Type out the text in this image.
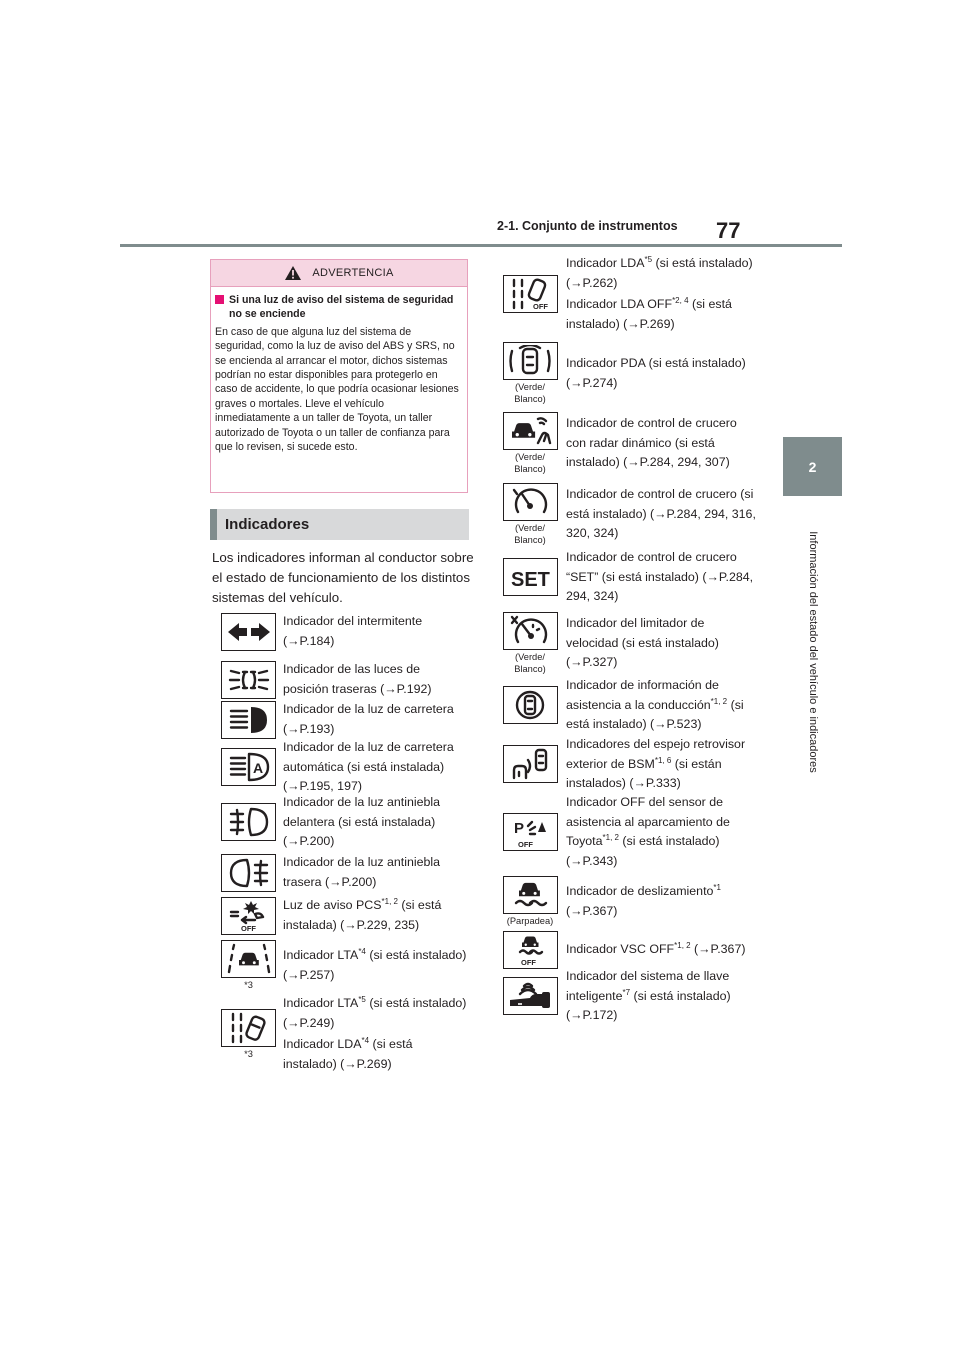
2-1. Conjunto de instrumentos 77
2
Información del estado del vehículo e indicadores
ADVERTENCIA
Si una luz de aviso del sistema de seguridad no se enciende

En caso de que alguna luz del sistema de seguridad, como la luz de aviso del ABS y SRS, no se encienda al arrancar el motor, dichos sistemas podrían no estar disponibles para protegerlo en caso de accidente, lo que podría ocasionar lesiones graves o mortales. Lleve el vehículo inmediatamente a un taller de Toyota, un taller autorizado de Toyota o un taller de confianza para que lo revisen, si sucede esto.

Indicadores
Los indicadores informan al conductor sobre el estado de funcionamiento de los distintos sistemas del vehículo.

Indicador del intermitente (→P.184)

Indicador de las luces de posición traseras (→P.192)

Indicador de la luz de carretera (→P.193)

A

Indicador de la luz de carretera automática (si está instalada) (→P.195, 197)

Indicador de la luz antiniebla delantera (si está instalada) (→P.200)

Indicador de la luz antiniebla trasera (→P.200)

OFF

Luz de aviso PCS$^{*1, 2}$ (si está instalada) (→P.229, 235)

*3

Indicador LTA$^{*4}$ (si está instalado) (→P.257)

*3

Indicador LTA$^{*5}$ (si está instalado) (→P.249)

Indicador LDA$^{*4}$ (si está instalado) (→P.269)

OFF

Indicador LDA$^{*5}$ (si está instalado) (→P.262)

Indicador LDA OFF$^{*2, 4}$ (si está instalado) (→P.269)

(Verde/ Blanco)

Indicador PDA (si está instalado) (→P.274)

(Verde/ Blanco)

Indicador de control de crucero con radar dinámico (si está instalado) (→P.284, 294, 307)

(Verde/ Blanco)

Indicador de control de crucero (si está instalado) (→P.284, 294, 316, 320, 324)

SET

Indicador de control de crucero “SET” (si está instalado) (→P.284, 294, 324)

(Verde/ Blanco)

Indicador del limitador de velocidad (si está instalado) (→P.327)

Indicador de información de asistencia a la conducción$^{*1, 2}$ (si está instalado) (→P.523)

Indicadores del espejo retrovisor exterior de BSM$^{*1, 6}$ (si están instalados) (→P.333)

P
OFF

Indicador OFF del sensor de asistencia al aparcamiento de Toyota$^{*1, 2}$ (si está instalado) (→P.343)

(Parpadea)

Indicador de deslizamiento$^{*1}$ (→P.367)

OFF

Indicador VSC OFF$^{*1, 2}$ (→P.367)

Indicador del sistema de llave inteligente$^{*7}$ (si está instalado) (→P.172)
